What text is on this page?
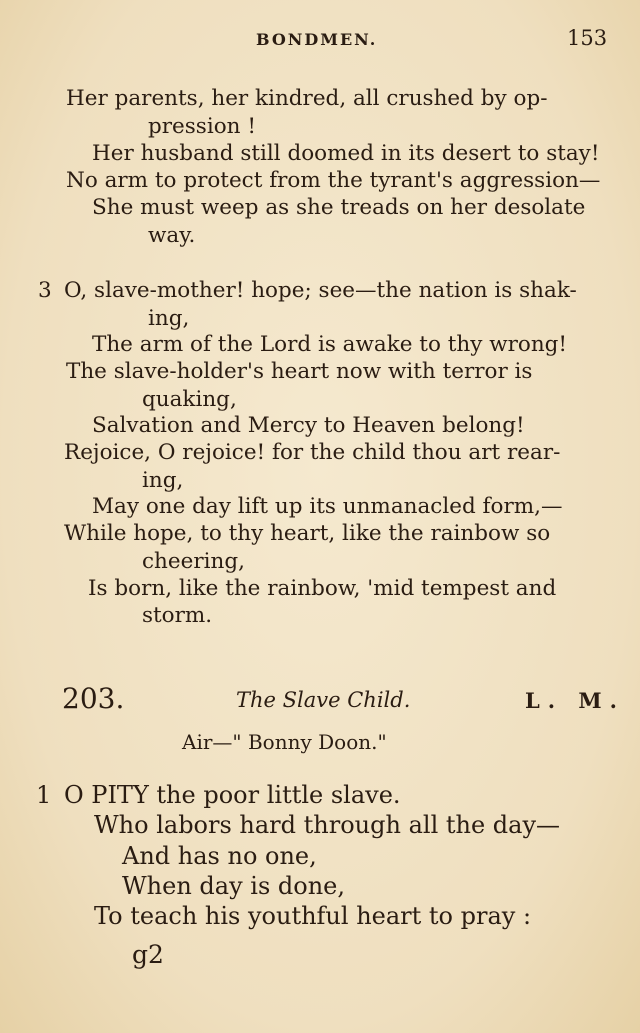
BONDMEN.	153
Her parents, her kindred, all crushed by op-
pression !
Her husband still doomed in its desert to stay!
No arm to protect from the tyrant's aggression—
She must weep as she treads on her desolate
way.
3 O, slave-mother! hope; see—the nation is shak-
ing,
The arm of the Lord is awake to thy wrong!
The slave-holder's heart now with terror is
quaking,
Salvation and Mercy to Heaven belong!
Rejoice, O rejoice! for the child thou art rear-
ing,
May one day lift up its unmanacled form,—
While hope, to thy heart, like the rainbow so
cheering,
Is born, like the rainbow, 'mid tempest and
storm.
203.	The Slave Child.	L. M.
Air—" Bonny Doon."
1 O PITY the poor little slave.
Who labors hard through all the day—
And has no one,
When day is done,
To teach his youthful heart to pray :
g2
